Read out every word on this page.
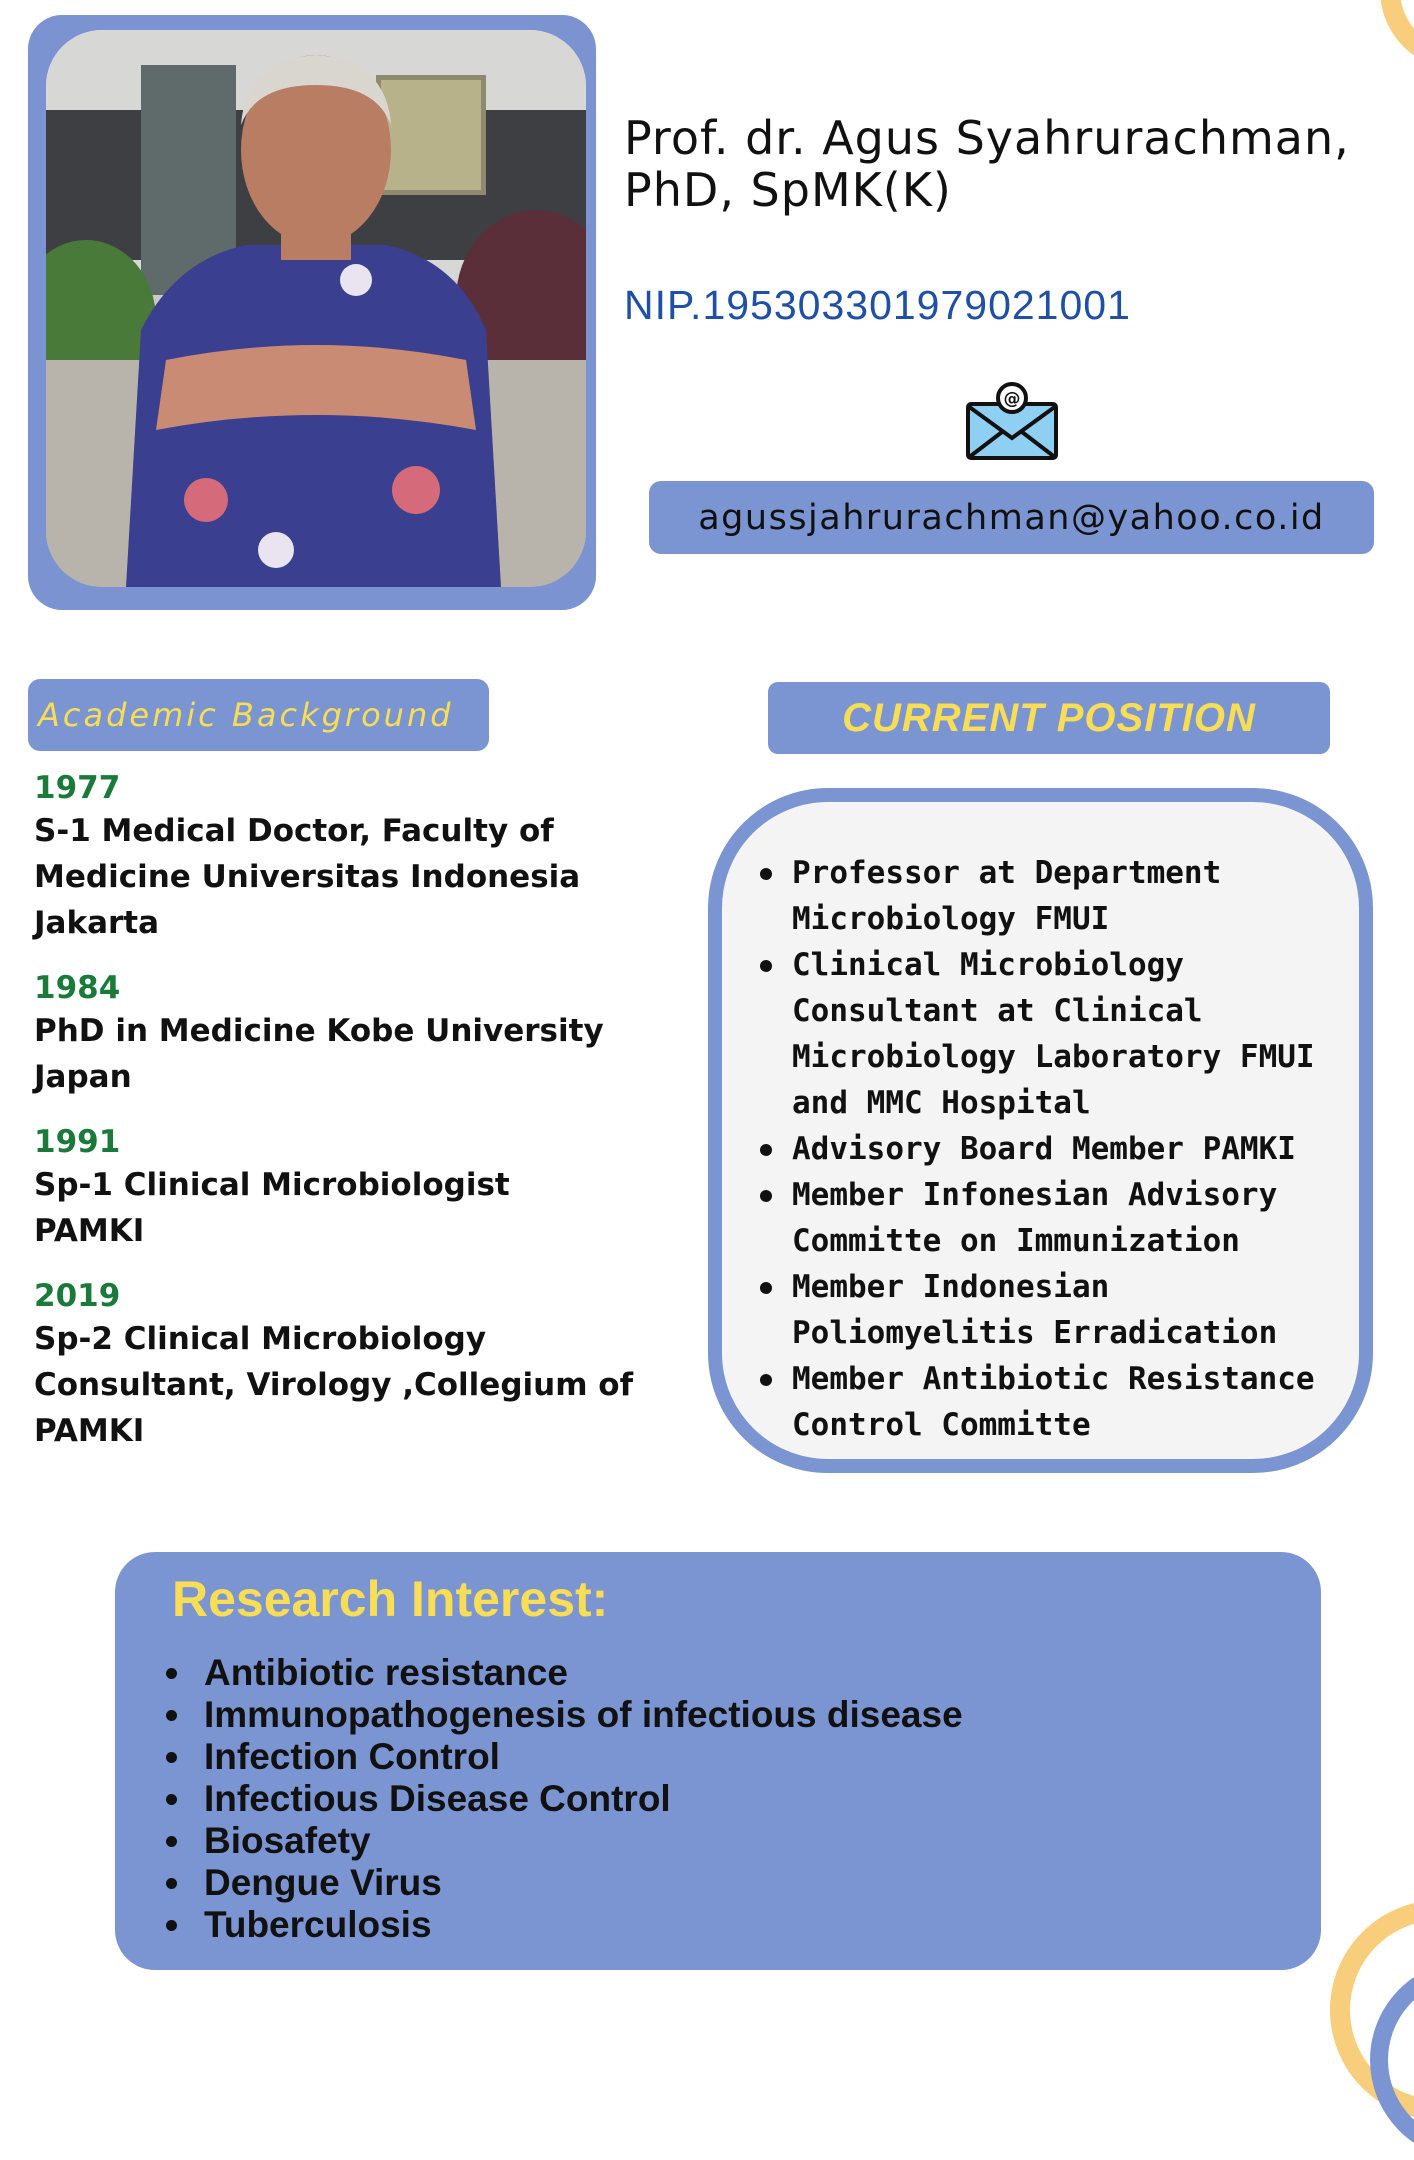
Prof. dr. Agus Syahrurachman, PhD, SpMK(K)
NIP.195303301979021001
@
agussjahrurachman@yahoo.co.id
Academic Background
1977
S-1 Medical Doctor, Faculty of Medicine Universitas Indonesia Jakarta
1984
PhD in Medicine Kobe University Japan
1991
Sp-1 Clinical Microbiologist PAMKI
2019
Sp-2 Clinical Microbiology Consultant, Virology ,Collegium of PAMKI
CURRENT POSITION
Professor at Department Microbiology FMUI
Clinical Microbiology Consultant at Clinical Microbiology Laboratory FMUI and MMC Hospital
Advisory Board Member PAMKI
Member Infonesian Advisory Committe on Immunization
Member Indonesian Poliomyelitis Erradication
Member Antibiotic Resistance Control Committe
Research Interest:
Antibiotic resistance
Immunopathogenesis of infectious disease
Infection Control
Infectious Disease Control
Biosafety
Dengue Virus
Tuberculosis
